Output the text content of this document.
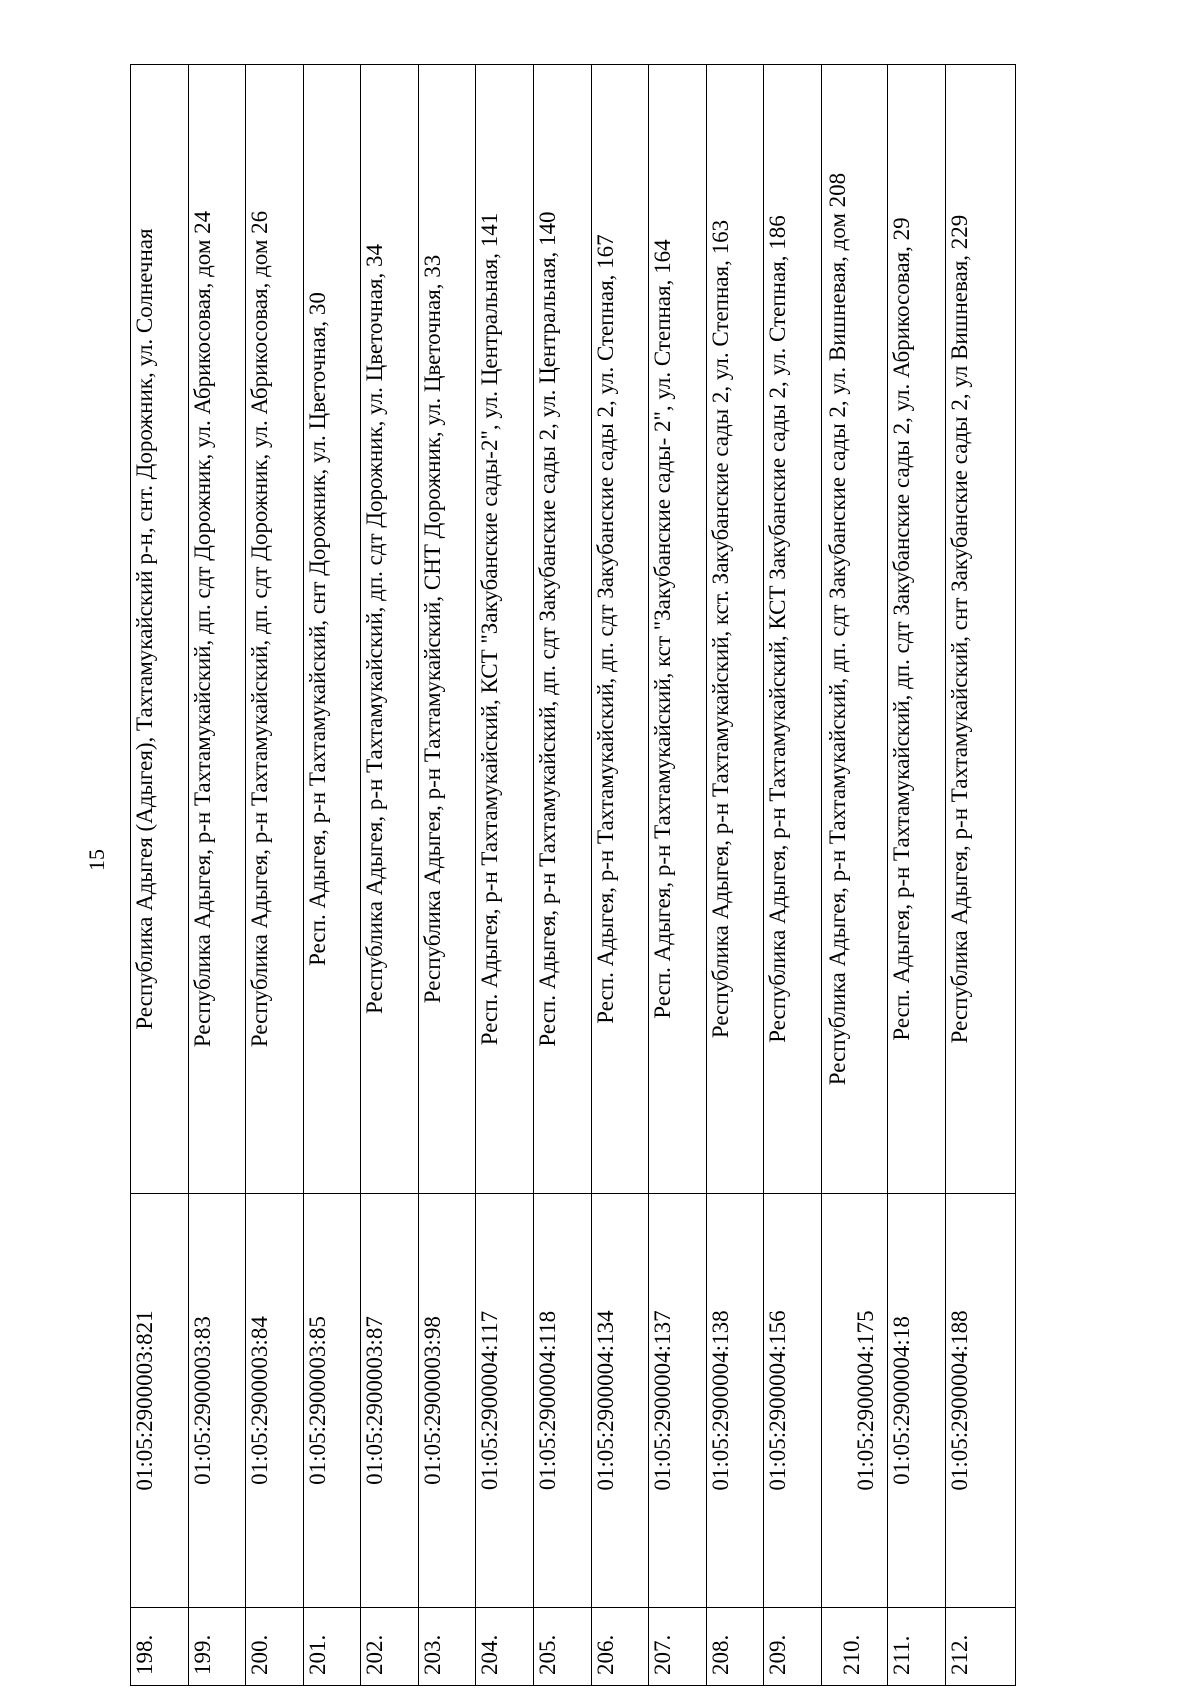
15
198.	01:05:2900003:821	Республика Адыгея (Адыгея), Тахтамукайский р-н, снт. Дорожник, ул. Солнечная
199.	01:05:2900003:83	Республика Адыгея, р-н Тахтамукайский, дп. сдт Дорожник, ул. Абрикосовая, дом 24
200.	01:05:2900003:84	Республика Адыгея, р-н Тахтамукайский, дп. сдт Дорожник, ул. Абрикосовая, дом 26
201.	01:05:2900003:85	Респ. Адыгея, р-н Тахтамукайский, снт Дорожник, ул. Цветочная, 30
202.	01:05:2900003:87	Республика Адыгея, р-н Тахтамукайский, дп. сдт Дорожник, ул. Цветочная, 34
203.	01:05:2900003:98	Республика Адыгея, р-н Тахтамукайский, СНТ Дорожник, ул. Цветочная, 33
204.	01:05:2900004:117	Респ. Адыгея, р-н Тахтамукайский, КСТ "Закубанские сады-2", ул. Центральная, 141
205.	01:05:2900004:118	Респ. Адыгея, р-н Тахтамукайский, дп. сдт Закубанские сады 2, ул. Центральная, 140
206.	01:05:2900004:134	Респ. Адыгея, р-н Тахтамукайский, дп. сдт Закубанские сады 2, ул. Степная, 167
207.	01:05:2900004:137	Респ. Адыгея, р-н Тахтамукайский, кст "Закубанские сады- 2", ул. Степная, 164
208.	01:05:2900004:138	Республика Адыгея, р-н Тахтамукайский, кст. Закубанские сады 2, ул. Степная, 163
209.	01:05:2900004:156	Республика Адыгея, р-н Тахтамукайский, КСТ Закубанские сады 2, ул. Степная, 186
210.	01:05:2900004:175	Республика Адыгея, р-н Тахтамукайский, дп. сдт Закубанские сады 2, ул. Вишневая, дом 208
211.	01:05:2900004:18	Респ. Адыгея, р-н Тахтамукайский, дп. сдт Закубанские сады 2, ул. Абрикосовая, 29
212.	01:05:2900004:188	Республика Адыгея, р-н Тахтамукайский, снт Закубанские сады 2, ул Вишневая, 229
